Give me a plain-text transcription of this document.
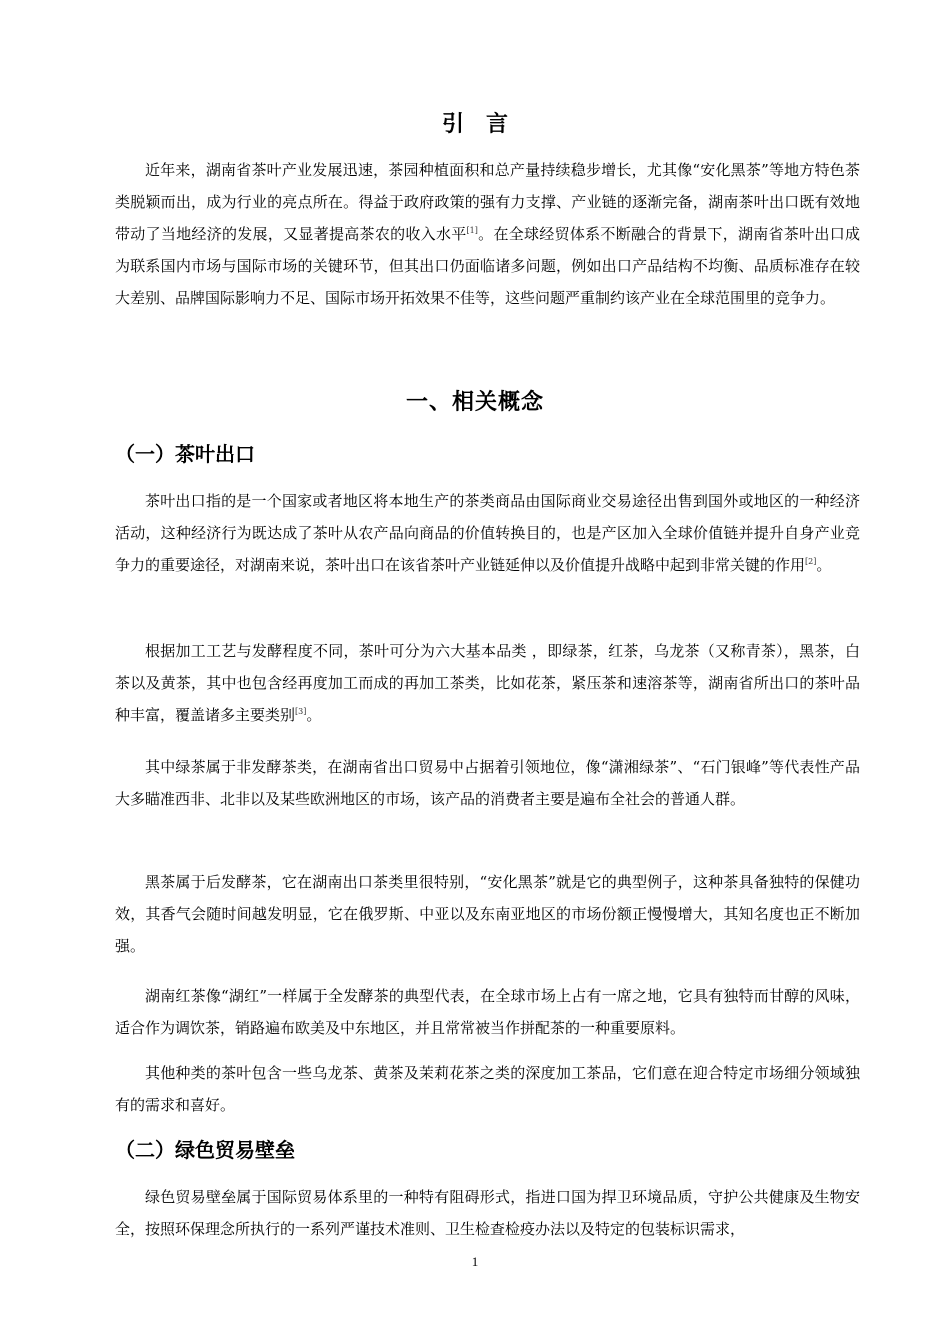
引言

近年来，湖南省茶叶产业发展迅速，茶园种植面积和总产量持续稳步增长，尤其像“安化黑茶”等地方特色茶类脱颖而出，成为行业的亮点所在。得益于政府政策的强有力支撑、产业链的逐渐完备，湖南茶叶出口既有效地带动了当地经济的发展，又显著提高茶农的收入水平[1]。在全球经贸体系不断融合的背景下，湖南省茶叶出口成为联系国内市场与国际市场的关键环节，但其出口仍面临诸多问题，例如出口产品结构不均衡、品质标准存在较大差别、品牌国际影响力不足、国际市场开拓效果不佳等，这些问题严重制约该产业在全球范围里的竞争力。

一、相关概念
（一）茶叶出口

茶叶出口指的是一个国家或者地区将本地生产的茶类商品由国际商业交易途径出售到国外或地区的一种经济活动，这种经济行为既达成了茶叶从农产品向商品的价值转换目的，也是产区加入全球价值链并提升自身产业竞争力的重要途径，对湖南来说，茶叶出口在该省茶叶产业链延伸以及价值提升战略中起到非常关键的作用[2]。

根据加工工艺与发酵程度不同，茶叶可分为六大基本品类 ，即绿茶，红茶，乌龙茶（又称青茶），黑茶，白茶以及黄茶，其中也包含经再度加工而成的再加工茶类，比如花茶，紧压茶和速溶茶等，湖南省所出口的茶叶品种丰富，覆盖诸多主要类别[3]。

其中绿茶属于非发酵茶类，在湖南省出口贸易中占据着引领地位，像“潇湘绿茶”、“石门银峰”等代表性产品大多瞄准西非、北非以及某些欧洲地区的市场，该产品的消费者主要是遍布全社会的普通人群。

黑茶属于后发酵茶，它在湖南出口茶类里很特别，“安化黑茶”就是它的典型例子，这种茶具备独特的保健功效，其香气会随时间越发明显，它在俄罗斯、中亚以及东南亚地区的市场份额正慢慢增大，其知名度也正不断加强。

湖南红茶像“湖红”一样属于全发酵茶的典型代表，在全球市场上占有一席之地，它具有独特而甘醇的风味，适合作为调饮茶，销路遍布欧美及中东地区，并且常常被当作拼配茶的一种重要原料。

其他种类的茶叶包含一些乌龙茶、黄茶及茉莉花茶之类的深度加工茶品，它们意在迎合特定市场细分领域独有的需求和喜好。

（二）绿色贸易壁垒

绿色贸易壁垒属于国际贸易体系里的一种特有阻碍形式，指进口国为捍卫环境品质，守护公共健康及生物安全，按照环保理念所执行的一系列严谨技术准则、卫生检查检疫办法以及特定的包装标识需求，

1
